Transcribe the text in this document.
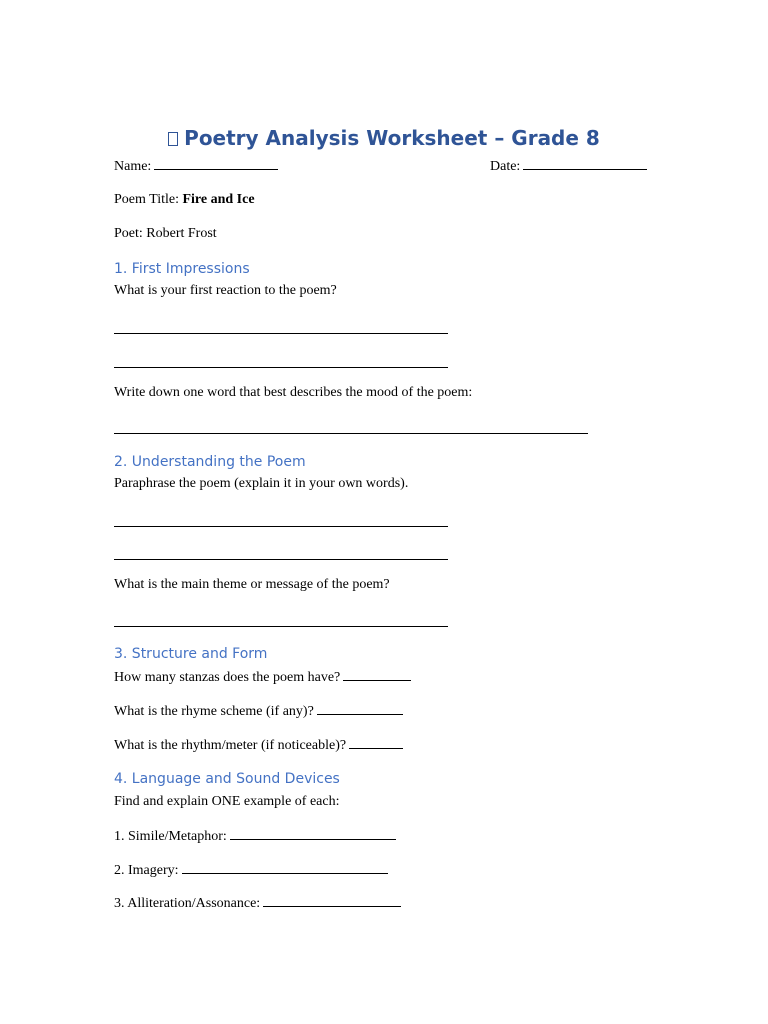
Poetry Analysis Worksheet – Grade 8
Name:	Date:
Poem Title: Fire and Ice
Poet: Robert Frost
1. First Impressions
What is your first reaction to the poem?
Write down one word that best describes the mood of the poem:
2. Understanding the Poem
Paraphrase the poem (explain it in your own words).
What is the main theme or message of the poem?
3. Structure and Form
How many stanzas does the poem have?
What is the rhyme scheme (if any)?
What is the rhythm/meter (if noticeable)?
4. Language and Sound Devices
Find and explain ONE example of each:
1. Simile/Metaphor:
2. Imagery:
3. Alliteration/Assonance:
